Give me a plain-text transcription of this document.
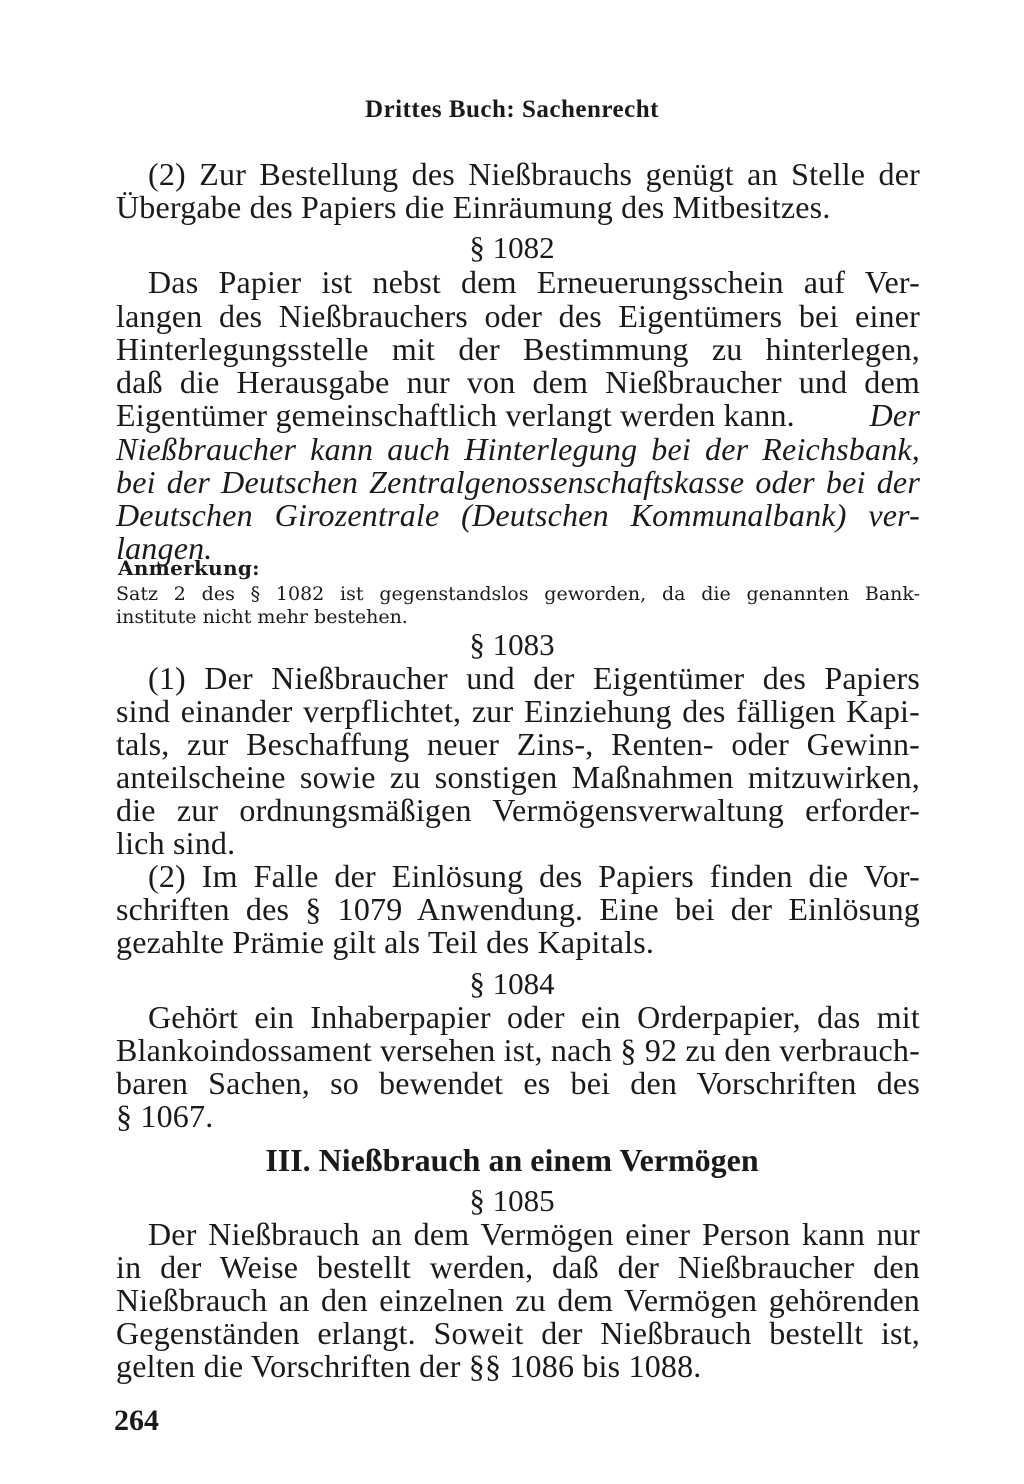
Drittes Buch: Sachenrecht
(2) Zur Bestellung des Nießbrauchs genügt an Stelle der
Übergabe des Papiers die Einräumung des Mitbesitzes.
§ 1082
Das Papier ist nebst dem Erneuerungsschein auf Ver-
langen des Nießbrauchers oder des Eigentümers bei einer
Hinterlegungsstelle mit der Bestimmung zu hinterlegen,
daß die Herausgabe nur von dem Nießbraucher und dem
Eigentümer gemeinschaftlich verlangt werden kann. Der
Nießbraucher kann auch Hinterlegung bei der Reichsbank,
bei der Deutschen Zentralgenossenschaftskasse oder bei der
Deutschen Girozentrale (Deutschen Kommunalbank) ver-
langen.
Anmerkung:
Satz 2 des § 1082 ist gegenstandslos geworden, da die genannten Bank-
institute nicht mehr bestehen.
§ 1083
(1) Der Nießbraucher und der Eigentümer des Papiers
sind einander verpflichtet, zur Einziehung des fälligen Kapi-
tals, zur Beschaffung neuer Zins-, Renten- oder Gewinn-
anteilscheine sowie zu sonstigen Maßnahmen mitzuwirken,
die zur ordnungsmäßigen Vermögensverwaltung erforder-
lich sind.
(2) Im Falle der Einlösung des Papiers finden die Vor-
schriften des § 1079 Anwendung. Eine bei der Einlösung
gezahlte Prämie gilt als Teil des Kapitals.
§ 1084
Gehört ein Inhaberpapier oder ein Orderpapier, das mit
Blankoindossament versehen ist, nach § 92 zu den verbrauch-
baren Sachen, so bewendet es bei den Vorschriften des
§ 1067.
III. Nießbrauch an einem Vermögen
§ 1085
Der Nießbrauch an dem Vermögen einer Person kann nur
in der Weise bestellt werden, daß der Nießbraucher den
Nießbrauch an den einzelnen zu dem Vermögen gehörenden
Gegenständen erlangt. Soweit der Nießbrauch bestellt ist,
gelten die Vorschriften der §§ 1086 bis 1088.
264
